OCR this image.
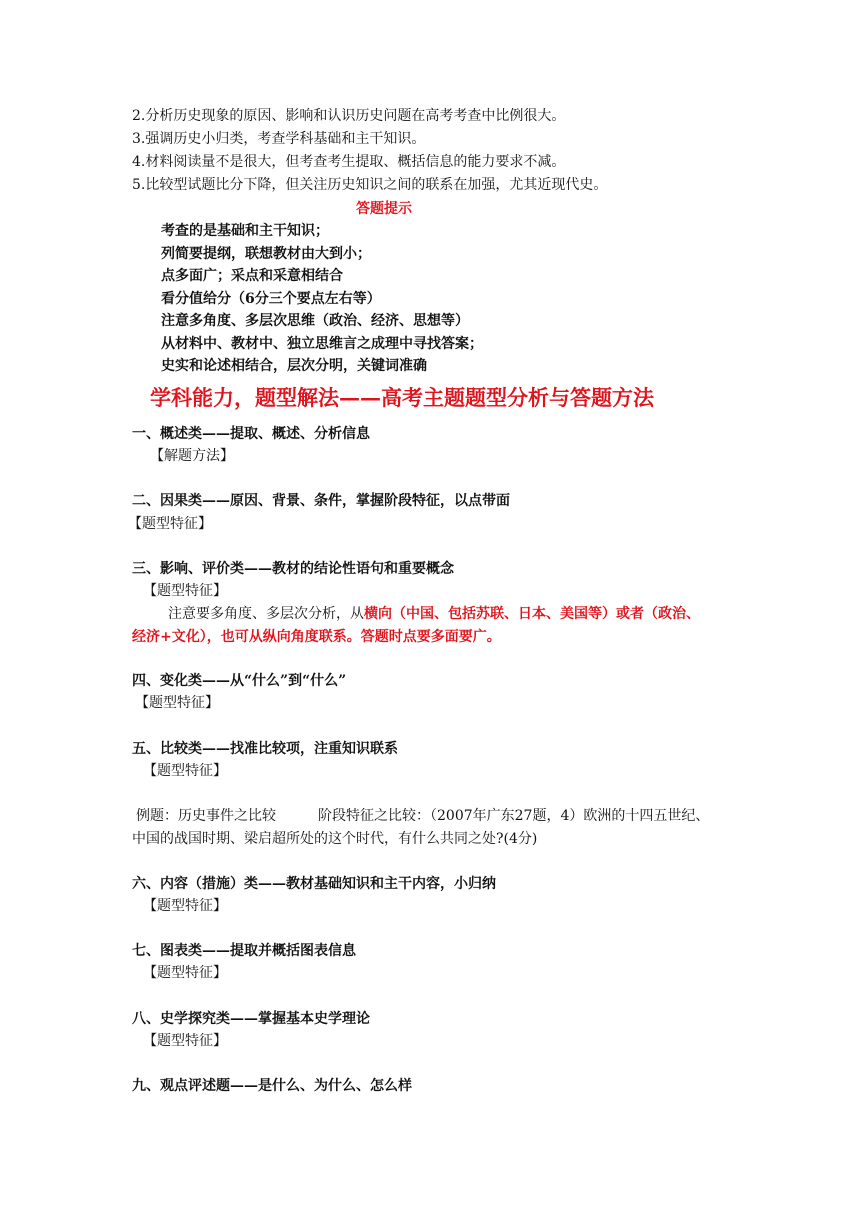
2.分析历史现象的原因、影响和认识历史问题在高考考查中比例很大。
3.强调历史小归类，考查学科基础和主干知识。
4.材料阅读量不是很大，但考查考生提取、概括信息的能力要求不减。
5.比较型试题比分下降，但关注历史知识之间的联系在加强，尤其近现代史。
答题提示
考查的是基础和主干知识；
列简要提纲，联想教材由大到小；
点多面广；采点和采意相结合
看分值给分（6分三个要点左右等）
注意多角度、多层次思维（政治、经济、思想等）
从材料中、教材中、独立思维言之成理中寻找答案；
史实和论述相结合，层次分明，关键词准确
学科能力，题型解法——高考主题题型分析与答题方法
一、概述类——提取、概述、分析信息
【解题方法】
二、因果类——原因、背景、条件，掌握阶段特征，以点带面
【题型特征】
三、影响、评价类——教材的结论性语句和重要概念
【题型特征】
注意要多角度、多层次分析，从横向（中国、包括苏联、日本、美国等）或者（政治、
经济+文化），也可从纵向角度联系。答题时点要多面要广。
四、变化类——从“什么”到“什么”
【题型特征】
五、比较类——找准比较项，注重知识联系
【题型特征】
例题：历史事件之比较　　　阶段特征之比较：（2007年广东27题，4）欧洲的十四五世纪、
中国的战国时期、梁启超所处的这个时代，有什么共同之处?(4分)
六、内容（措施）类——教材基础知识和主干内容，小归纳
【题型特征】
七、图表类——提取并概括图表信息
【题型特征】
八、史学探究类——掌握基本史学理论
【题型特征】
九、观点评述题——是什么、为什么、怎么样
